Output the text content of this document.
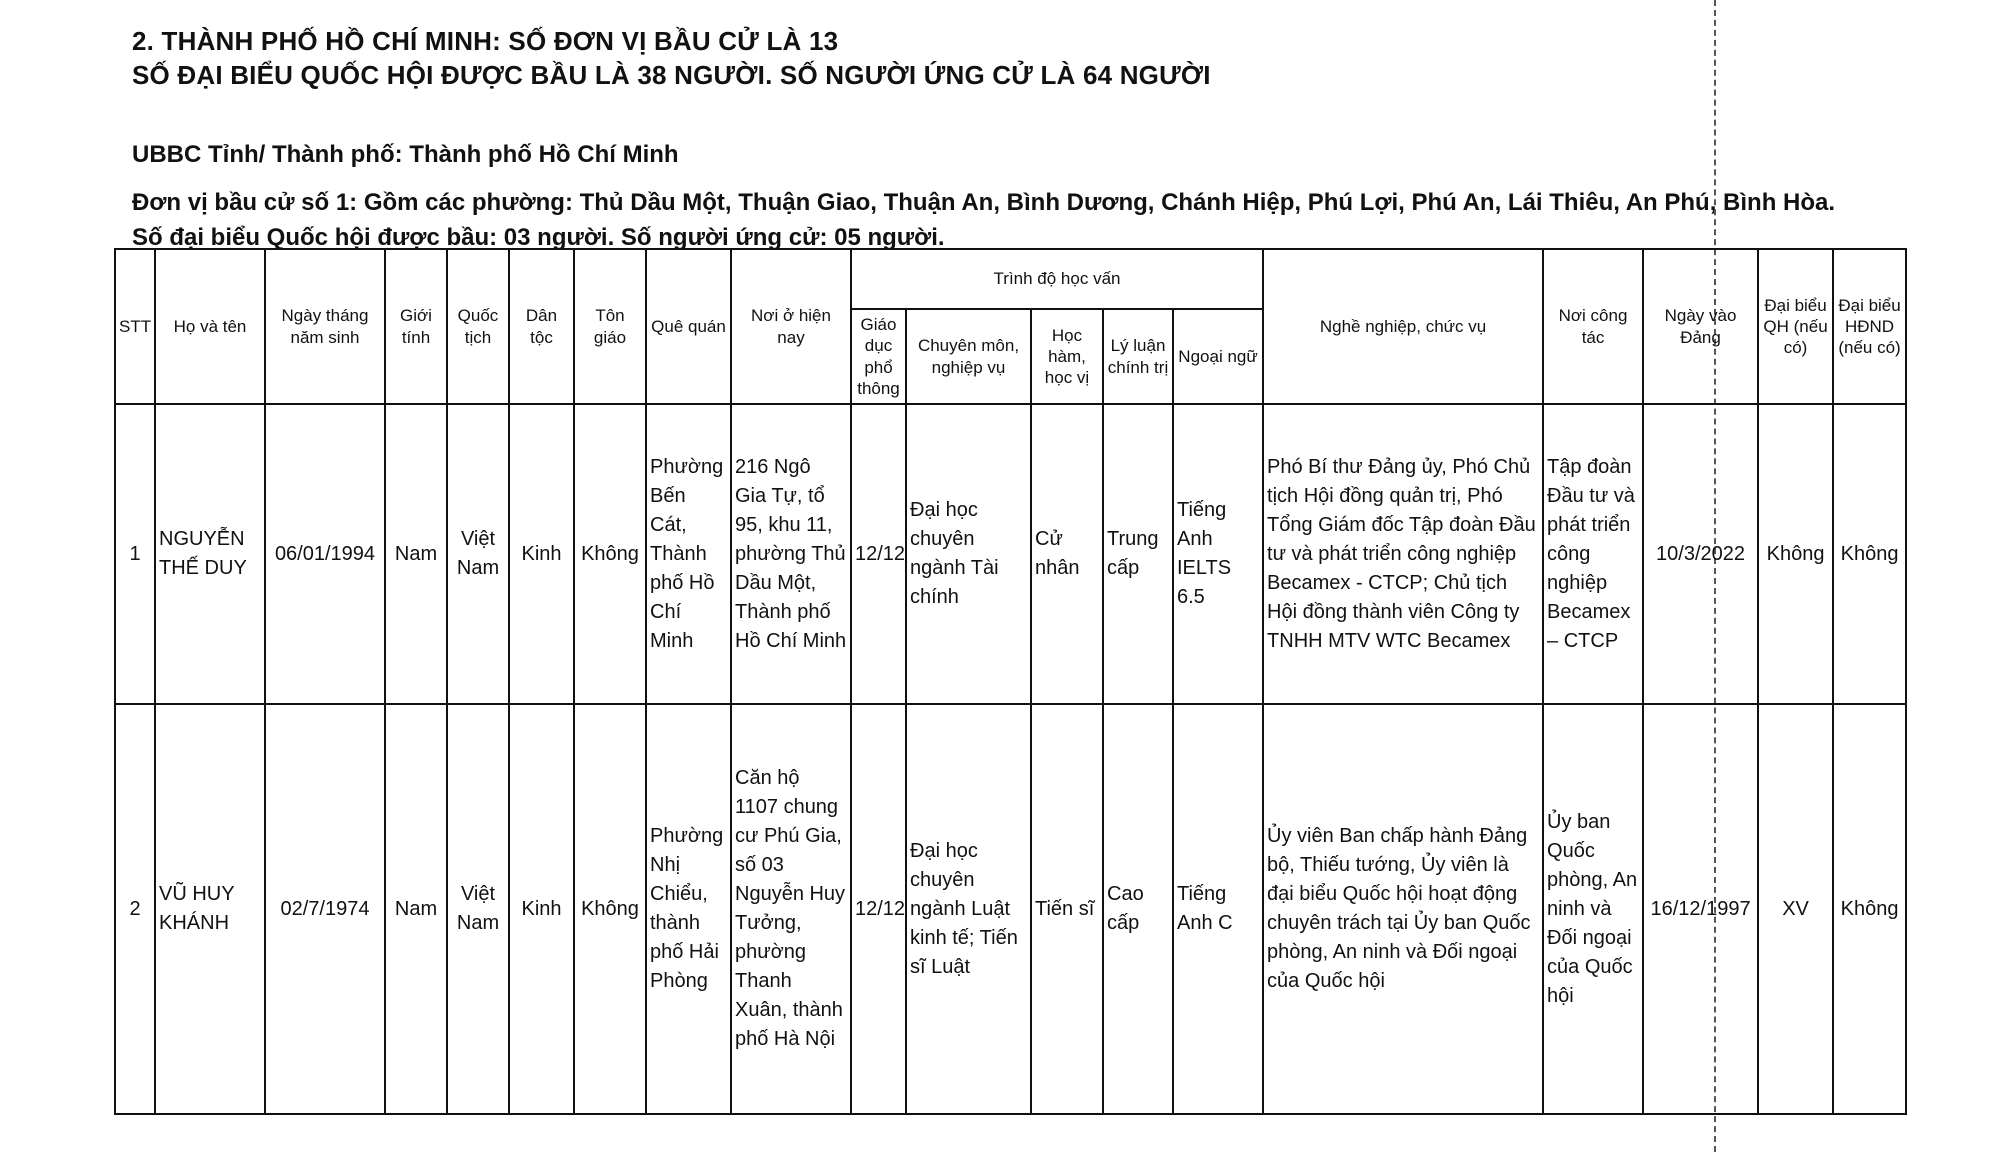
2. THÀNH PHỐ HỒ CHÍ MINH: SỐ ĐƠN VỊ BẦU CỬ LÀ 13
SỐ ĐẠI BIỂU QUỐC HỘI ĐƯỢC BẦU LÀ 38 NGƯỜI. SỐ NGƯỜI ỨNG CỬ LÀ 64 NGƯỜI
UBBC Tỉnh/ Thành phố: Thành phố Hồ Chí Minh
Đơn vị bầu cử số 1: Gồm các phường: Thủ Dầu Một, Thuận Giao, Thuận An, Bình Dương, Chánh Hiệp, Phú Lợi, Phú An, Lái Thiêu, An Phú, Bình Hòa.
Số đại biểu Quốc hội được bầu: 03 người. Số người ứng cử: 05 người.
STT	Họ và tên	Ngày tháng năm sinh	Giới tính	Quốc tịch	Dân tộc	Tôn giáo	Quê quán	Nơi ở hiện nay	Trình độ học vấn					Nghề nghiệp, chức vụ	Nơi công tác	Ngày vào Đảng	Đại biểu QH (nếu có)	Đại biểu HĐND (nếu có)
									Giáo dục phổ thông	Chuyên môn, nghiệp vụ	Học hàm, học vị	Lý luận chính trị	Ngoại ngữ					
1	NGUYỄN THẾ DUY	06/01/1994	Nam	Việt Nam	Kinh	Không	Phường Bến Cát, Thành phố Hồ Chí Minh	216 Ngô Gia Tự, tổ 95, khu 11, phường Thủ Dầu Một, Thành phố Hồ Chí Minh	12/12	Đại học chuyên ngành Tài chính	Cử nhân	Trung cấp	Tiếng Anh IELTS 6.5	Phó Bí thư Đảng ủy, Phó Chủ tịch Hội đồng quản trị, Phó Tổng Giám đốc Tập đoàn Đầu tư và phát triển công nghiệp Becamex - CTCP; Chủ tịch Hội đồng thành viên Công ty TNHH MTV WTC Becamex	Tập đoàn Đầu tư và phát triển công nghiệp Becamex – CTCP	10/3/2022	Không	Không
2	VŨ HUY KHÁNH	02/7/1974	Nam	Việt Nam	Kinh	Không	Phường Nhị Chiểu, thành phố Hải Phòng	Căn hộ 1107 chung cư Phú Gia, số 03 Nguyễn Huy Tưởng, phường Thanh Xuân, thành phố Hà Nội	12/12	Đại học chuyên ngành Luật kinh tế; Tiến sĩ Luật	Tiến sĩ	Cao cấp	Tiếng Anh C	Ủy viên Ban chấp hành Đảng bộ, Thiếu tướng, Ủy viên là đại biểu Quốc hội hoạt động chuyên trách tại Ủy ban Quốc phòng, An ninh và Đối ngoại của Quốc hội	Ủy ban Quốc phòng, An ninh và Đối ngoại của Quốc hội	16/12/1997	XV	Không
